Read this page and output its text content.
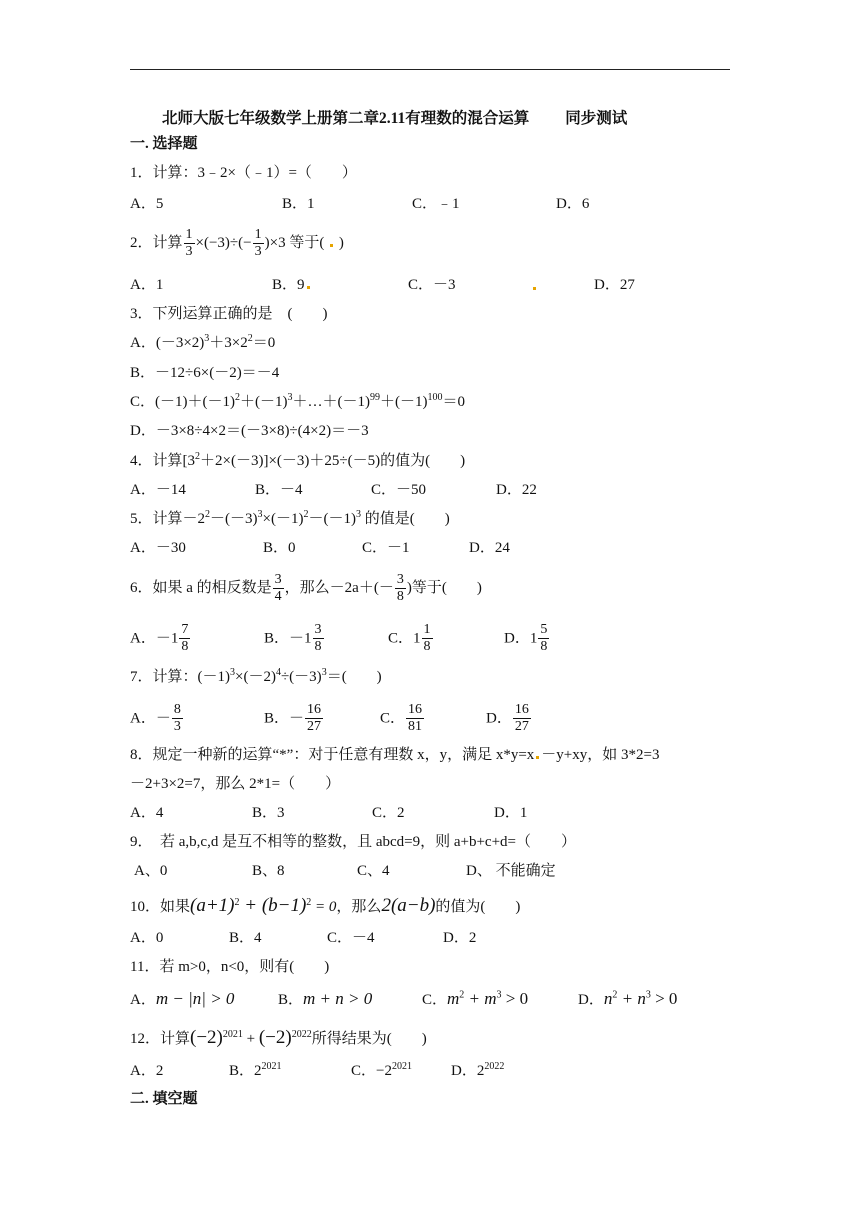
北师大版七年级数学上册第二章2.11有理数的混合运算 同步测试
一. 选择题
1．计算：3﹣2×（﹣1）=（　　）
A．5	B．1	C．﹣1	D．6
2．计算 $\frac{1}{3} \times(-3)\div(- \frac{1}{3} )\times 3$ 等于( )
A．1	B．9	C．－3	D．27
3．下列运算正确的是　(　　)
A．$(-3\times 2)^3+3\times 2^2=0$
B．－12÷6×(－2)＝－4
C．$(-1)+(-1)^2+(-1)^3+\dots+(-1)^{99}+(-1)^{100}=0$
D．－3×8÷4×2＝(－3×8)÷(4×2)＝－3
4．计算$[3^2+2\times(-3)]\times(-3)+25\div(-5)$的值为(　　)
A．－14	B．－4	C．－50	D．22
5．计算$-2^2-(-3)^3\times(-1)^2-(-1)^3$ 的值是(　　)
A．－30	B．0	C．－1	D．24
6．如果 a 的相反数是 $\frac{3}{4}$ ，那么$-2a+(- \frac{3}{8}$ )等于(　　)
A．$-1 \frac{7}{8}$	B．$-1 \frac{3}{8}$	C．$1 \frac{1}{8}$	D．$1 \frac{5}{8}$
7．计算：$(-1)^3\times(-2)^4\div(-3)^3=$(　　)
A．－ $\frac{8}{3}$	B．－ $\frac{16}{27}$	C． $\frac{16}{81}$	D． $\frac{16}{27}$
8．规定一种新的运算“*”：对于任意有理数 x，y，满足 x*y=x －y+xy，如 3*2=3
－2+3×2=7，那么 2*1=（　　）
A．4	B．3	C．2	D．1
9．　若 a,b,c,d 是互不相等的整数，且 abcd=9，则 a+b+c+d=（　　）
A、0	B、8	C、4	D、 不能确定
10．如果$(a+1)^2 + (b-1)^2 = 0$，那么2(a−b)的值为(　　)
A．0	B．4	C．－4	D．2
11．若 m>0，n<0，则有(　　)
A．m − |n| > 0	B．m + n > 0	C．$m^2 + m^3 > 0$	D．$n^2 + n^3 > 0$
12．计算$(-2)^{2021} + (-2)^{2022}$所得结果为(　　)
A．2	B．$2^{2021}$	C．$-2^{2021}$	D．$2^{2022}$
二. 填空题
